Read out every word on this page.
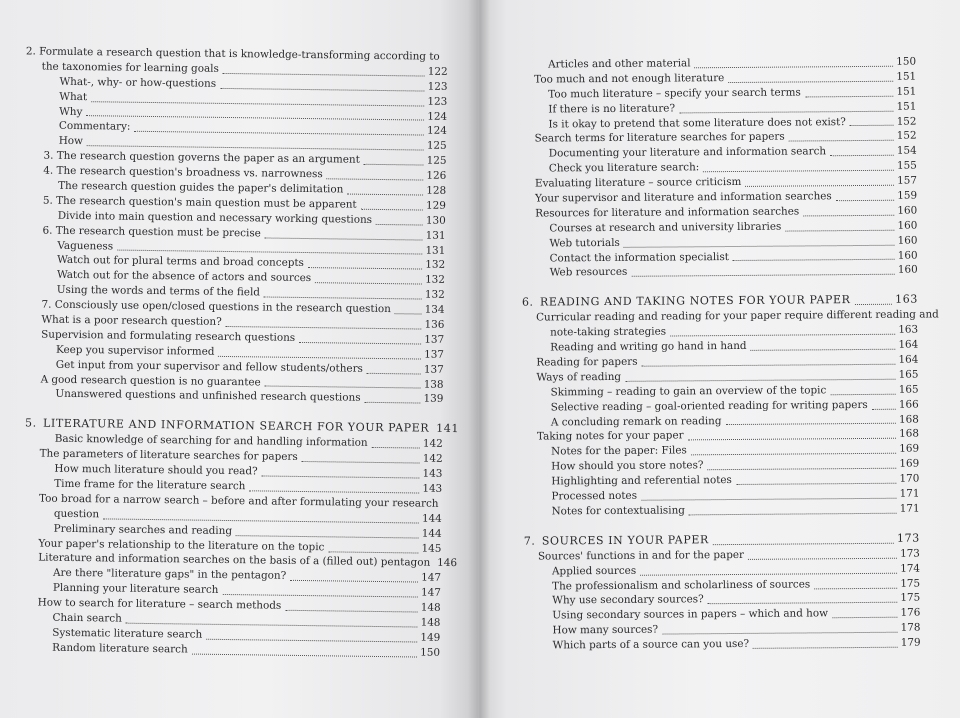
2. Formulate a research question that is knowledge-transforming according to
the taxonomies for learning goals	122
What-, why- or how-questions	123
What	123
Why	124
Commentary:	124
How	125
3. The research question governs the paper as an argument	125
4. The research question's broadness vs. narrowness	126
The research question guides the paper's delimitation	128
5. The research question's main question must be apparent	129
Divide into main question and necessary working questions	130
6. The research question must be precise	131
Vagueness	131
Watch out for plural terms and broad concepts	132
Watch out for the absence of actors and sources	132
Using the words and terms of the field	132
7. Consciously use open/closed questions in the research question	134
What is a poor research question?	136
Supervision and formulating research questions	137
Keep you supervisor informed	137
Get input from your supervisor and fellow students/others	137
A good research question is no guarantee	138
Unanswered questions and unfinished research questions	139
5. LITERATURE AND INFORMATION SEARCH FOR YOUR PAPER 141
Basic knowledge of searching for and handling information	142
The parameters of literature searches for papers	142
How much literature should you read?	143
Time frame for the literature search	143
Too broad for a narrow search – before and after formulating your research
question	144
Preliminary searches and reading	144
Your paper's relationship to the literature on the topic	145
Literature and information searches on the basis of a (filled out) pentagon 146
Are there "literature gaps" in the pentagon?	147
Planning your literature search	147
How to search for literature – search methods	148
Chain search	148
Systematic literature search	149
Random literature search	150
Articles and other material	150
Too much and not enough literature	151
Too much literature – specify your search terms	151
If there is no literature?	151
Is it okay to pretend that some literature does not exist?	152
Search terms for literature searches for papers	152
Documenting your literature and information search	154
Check you literature search:	155
Evaluating literature – source criticism	157
Your supervisor and literature and information searches	159
Resources for literature and information searches	160
Courses at research and university libraries	160
Web tutorials	160
Contact the information specialist	160
Web resources	160
6. READING AND TAKING NOTES FOR YOUR PAPER	163
Curricular reading and reading for your paper require different reading and
note-taking strategies	163
Reading and writing go hand in hand	164
Reading for papers	164
Ways of reading	165
Skimming – reading to gain an overview of the topic	165
Selective reading – goal-oriented reading for writing papers	166
A concluding remark on reading	168
Taking notes for your paper	168
Notes for the paper: Files	169
How should you store notes?	169
Highlighting and referential notes	170
Processed notes	171
Notes for contextualising	171
7. SOURCES IN YOUR PAPER	173
Sources' functions in and for the paper	173
Applied sources	174
The professionalism and scholarliness of sources	175
Why use secondary sources?	175
Using secondary sources in papers – which and how	176
How many sources?	178
Which parts of a source can you use?	179
